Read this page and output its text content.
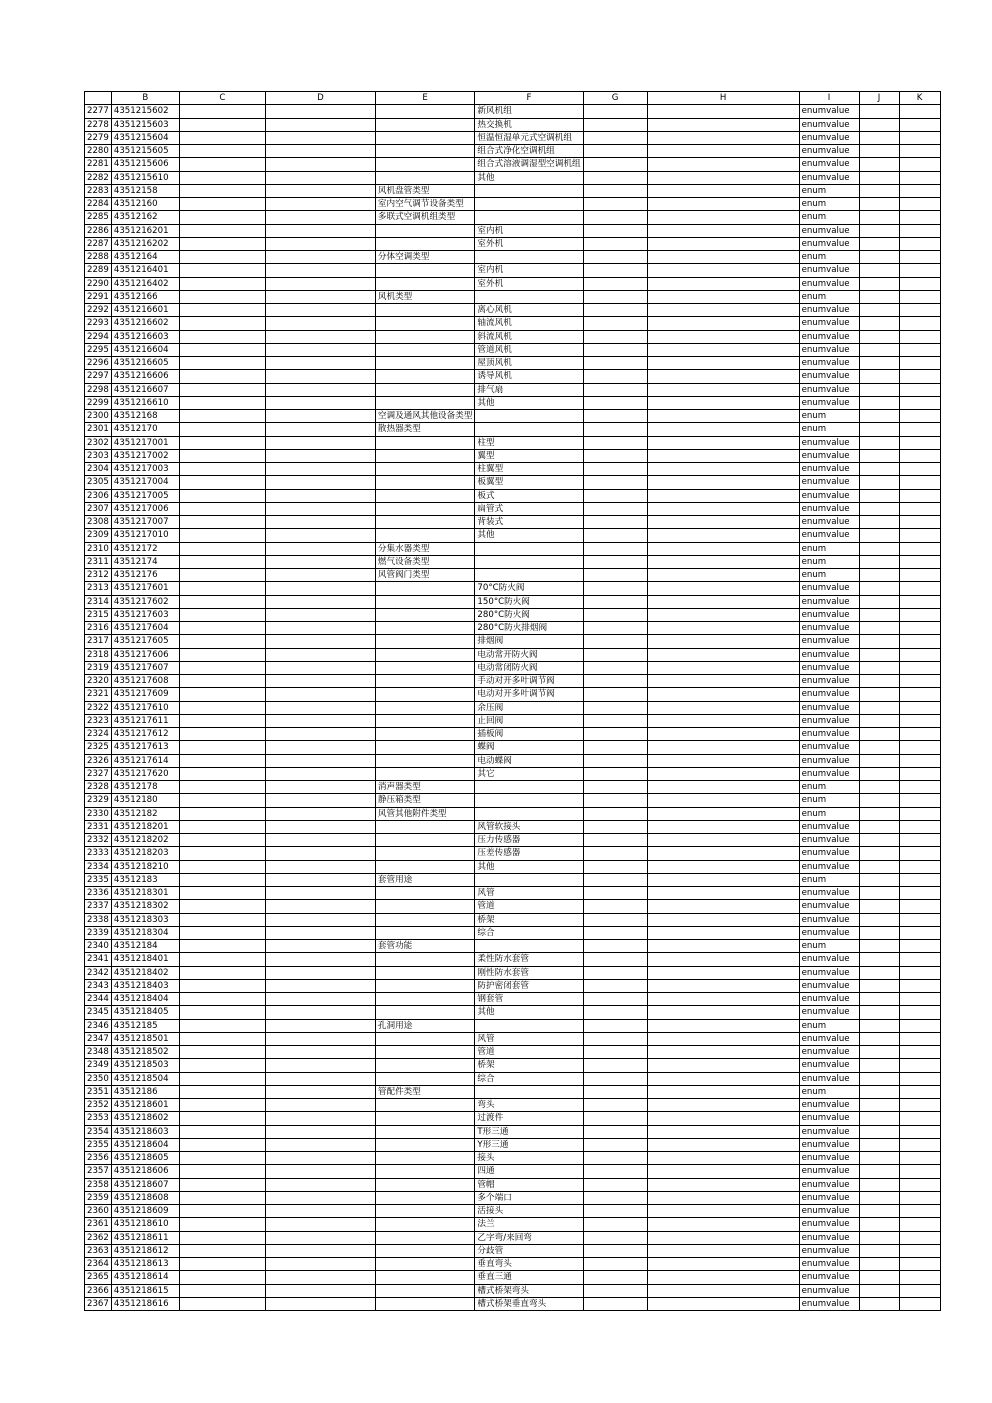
	B	C	D	E	F	G	H	I	J	K
2277	4351215602				新风机组			enumvalue		
2278	4351215603				热交换机			enumvalue		
2279	4351215604				恒温恒湿单元式空调机组			enumvalue		
2280	4351215605				组合式净化空调机组			enumvalue		
2281	4351215606				组合式溶液调湿型空调机组			enumvalue		
2282	4351215610				其他			enumvalue		
2283	43512158			风机盘管类型				enum		
2284	43512160			室内空气调节设备类型				enum		
2285	43512162			多联式空调机组类型				enum		
2286	4351216201				室内机			enumvalue		
2287	4351216202				室外机			enumvalue		
2288	43512164			分体空调类型				enum		
2289	4351216401				室内机			enumvalue		
2290	4351216402				室外机			enumvalue		
2291	43512166			风机类型				enum		
2292	4351216601				离心风机			enumvalue		
2293	4351216602				轴流风机			enumvalue		
2294	4351216603				斜流风机			enumvalue		
2295	4351216604				管道风机			enumvalue		
2296	4351216605				屋顶风机			enumvalue		
2297	4351216606				诱导风机			enumvalue		
2298	4351216607				排气扇			enumvalue		
2299	4351216610				其他			enumvalue		
2300	43512168			空调及通风其他设备类型				enum		
2301	43512170			散热器类型				enum		
2302	4351217001				柱型			enumvalue		
2303	4351217002				翼型			enumvalue		
2304	4351217003				柱翼型			enumvalue		
2305	4351217004				板翼型			enumvalue		
2306	4351217005				板式			enumvalue		
2307	4351217006				扁管式			enumvalue		
2308	4351217007				背装式			enumvalue		
2309	4351217010				其他			enumvalue		
2310	43512172			分集水器类型				enum		
2311	43512174			燃气设备类型				enum		
2312	43512176			风管阀门类型				enum		
2313	4351217601				70°C防火阀			enumvalue		
2314	4351217602				150°C防火阀			enumvalue		
2315	4351217603				280°C防火阀			enumvalue		
2316	4351217604				280°C防火排烟阀			enumvalue		
2317	4351217605				排烟阀			enumvalue		
2318	4351217606				电动常开防火阀			enumvalue		
2319	4351217607				电动常闭防火阀			enumvalue		
2320	4351217608				手动对开多叶调节阀			enumvalue		
2321	4351217609				电动对开多叶调节阀			enumvalue		
2322	4351217610				余压阀			enumvalue		
2323	4351217611				止回阀			enumvalue		
2324	4351217612				插板阀			enumvalue		
2325	4351217613				蝶阀			enumvalue		
2326	4351217614				电动蝶阀			enumvalue		
2327	4351217620				其它			enumvalue		
2328	43512178			消声器类型				enum		
2329	43512180			静压箱类型				enum		
2330	43512182			风管其他附件类型				enum		
2331	4351218201				风管软接头			enumvalue		
2332	4351218202				压力传感器			enumvalue		
2333	4351218203				压差传感器			enumvalue		
2334	4351218210				其他			enumvalue		
2335	43512183			套管用途				enum		
2336	4351218301				风管			enumvalue		
2337	4351218302				管道			enumvalue		
2338	4351218303				桥架			enumvalue		
2339	4351218304				综合			enumvalue		
2340	43512184			套管功能				enum		
2341	4351218401				柔性防水套管			enumvalue		
2342	4351218402				刚性防水套管			enumvalue		
2343	4351218403				防护密闭套管			enumvalue		
2344	4351218404				钢套管			enumvalue		
2345	4351218405				其他			enumvalue		
2346	43512185			孔洞用途				enum		
2347	4351218501				风管			enumvalue		
2348	4351218502				管道			enumvalue		
2349	4351218503				桥架			enumvalue		
2350	4351218504				综合			enumvalue		
2351	43512186			管配件类型				enum		
2352	4351218601				弯头			enumvalue		
2353	4351218602				过渡件			enumvalue		
2354	4351218603				T形三通			enumvalue		
2355	4351218604				Y形三通			enumvalue		
2356	4351218605				接头			enumvalue		
2357	4351218606				四通			enumvalue		
2358	4351218607				管帽			enumvalue		
2359	4351218608				多个端口			enumvalue		
2360	4351218609				活接头			enumvalue		
2361	4351218610				法兰			enumvalue		
2362	4351218611				乙字弯/来回弯			enumvalue		
2363	4351218612				分歧管			enumvalue		
2364	4351218613				垂直弯头			enumvalue		
2365	4351218614				垂直三通			enumvalue		
2366	4351218615				槽式桥架弯头			enumvalue		
2367	4351218616				槽式桥架垂直弯头			enumvalue		
